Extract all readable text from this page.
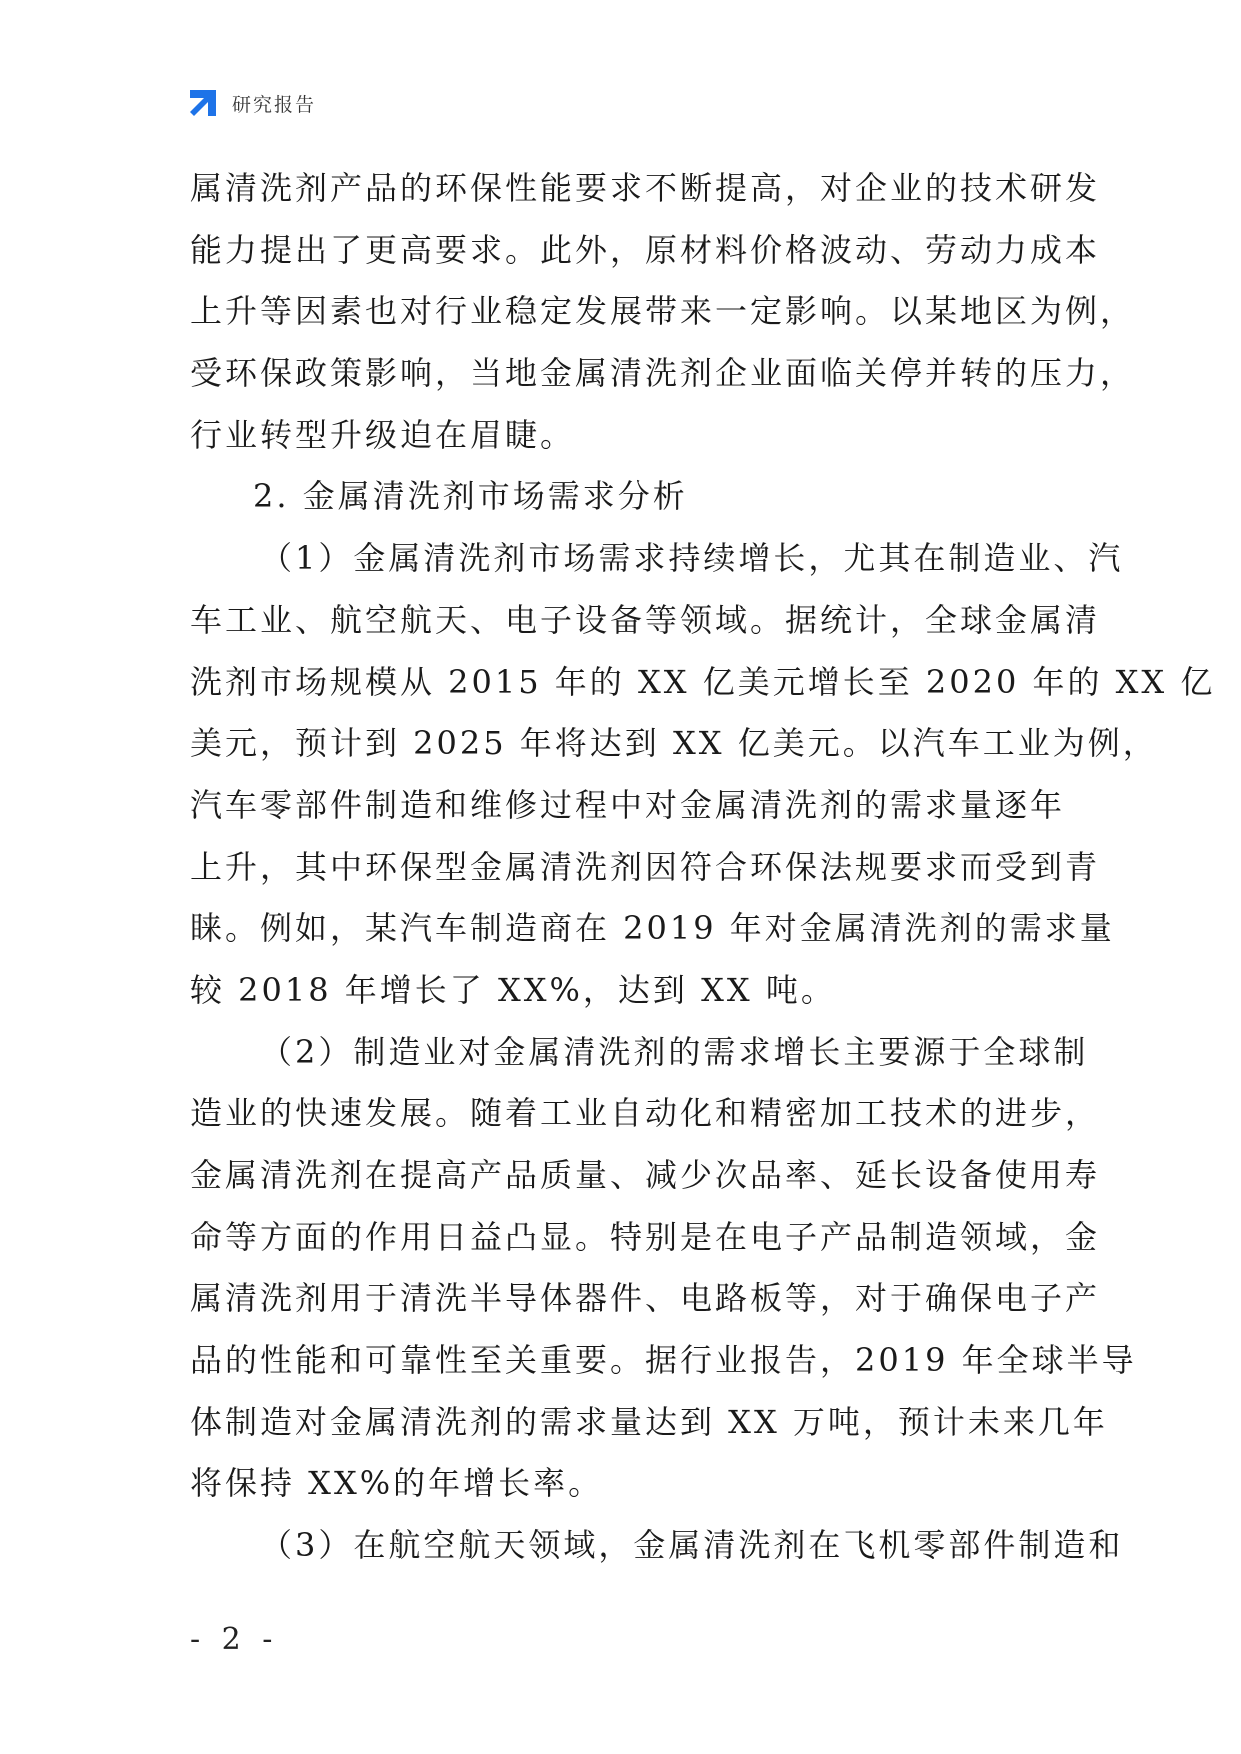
研究报告
属清洗剂产品的环保性能要求不断提高，对企业的技术研发
能力提出了更高要求。此外，原材料价格波动、劳动力成本
上升等因素也对行业稳定发展带来一定影响。以某地区为例，
受环保政策影响，当地金属清洗剂企业面临关停并转的压力，
行业转型升级迫在眉睫。
2. 金属清洗剂市场需求分析
（1）金属清洗剂市场需求持续增长，尤其在制造业、汽
车工业、航空航天、电子设备等领域。据统计，全球金属清
洗剂市场规模从 2015 年的 XX 亿美元增长至 2020 年的 XX 亿
美元，预计到 2025 年将达到 XX 亿美元。以汽车工业为例，
汽车零部件制造和维修过程中对金属清洗剂的需求量逐年
上升，其中环保型金属清洗剂因符合环保法规要求而受到青
睐。例如，某汽车制造商在 2019 年对金属清洗剂的需求量
较 2018 年增长了 XX%，达到 XX 吨。
（2）制造业对金属清洗剂的需求增长主要源于全球制
造业的快速发展。随着工业自动化和精密加工技术的进步，
金属清洗剂在提高产品质量、减少次品率、延长设备使用寿
命等方面的作用日益凸显。特别是在电子产品制造领域，金
属清洗剂用于清洗半导体器件、电路板等，对于确保电子产
品的性能和可靠性至关重要。据行业报告，2019 年全球半导
体制造对金属清洗剂的需求量达到 XX 万吨，预计未来几年
将保持 XX%的年增长率。
（3）在航空航天领域，金属清洗剂在飞机零部件制造和
- 2 -
